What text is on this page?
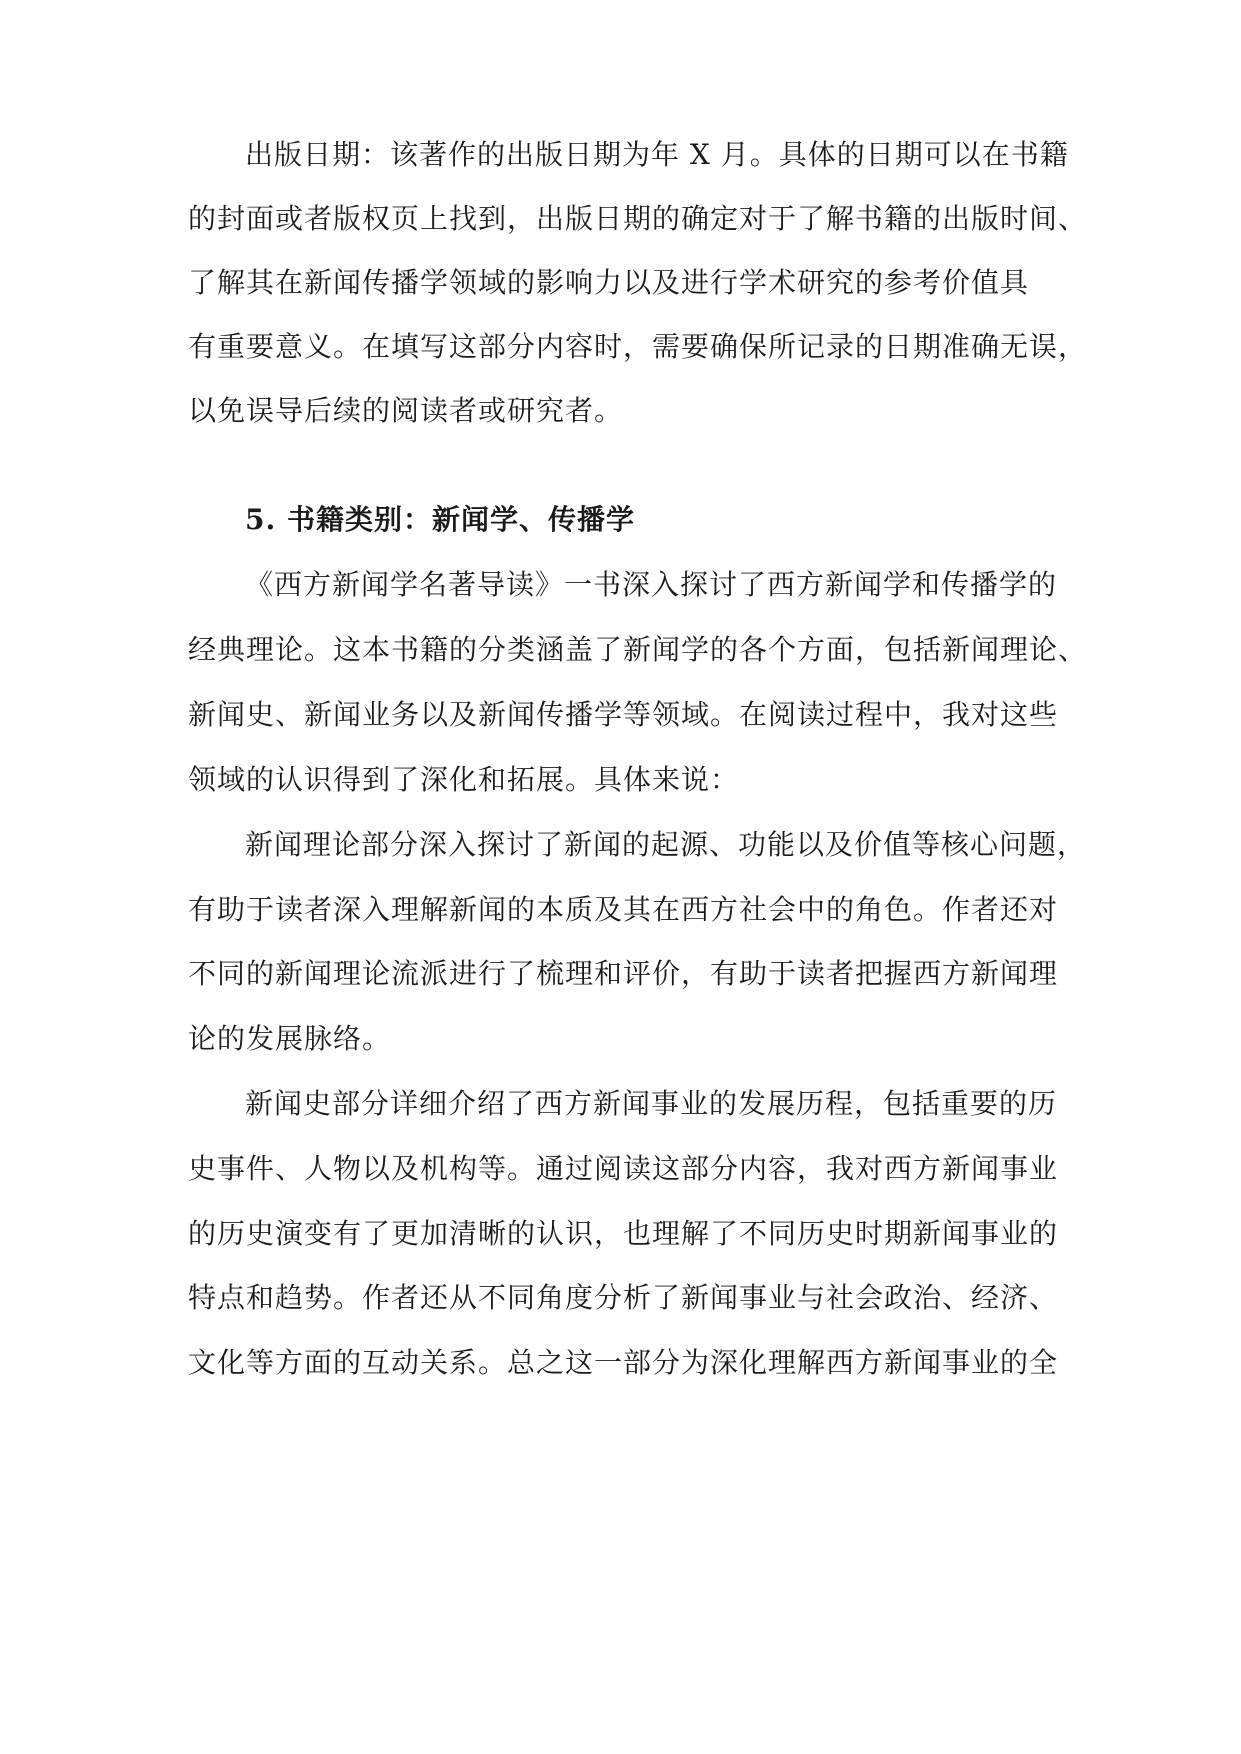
出版日期：该著作的出版日期为年 X 月。具体的日期可以在书籍
的封面或者版权页上找到，出版日期的确定对于了解书籍的出版时间、
了解其在新闻传播学领域的影响力以及进行学术研究的参考价值具
有重要意义。在填写这部分内容时，需要确保所记录的日期准确无误，
以免误导后续的阅读者或研究者。
5. 书籍类别：新闻学、传播学
《西方新闻学名著导读》一书深入探讨了西方新闻学和传播学的
经典理论。这本书籍的分类涵盖了新闻学的各个方面，包括新闻理论、
新闻史、新闻业务以及新闻传播学等领域。在阅读过程中，我对这些
领域的认识得到了深化和拓展。具体来说：
新闻理论部分深入探讨了新闻的起源、功能以及价值等核心问题，
有助于读者深入理解新闻的本质及其在西方社会中的角色。作者还对
不同的新闻理论流派进行了梳理和评价，有助于读者把握西方新闻理
论的发展脉络。
新闻史部分详细介绍了西方新闻事业的发展历程，包括重要的历
史事件、人物以及机构等。通过阅读这部分内容，我对西方新闻事业
的历史演变有了更加清晰的认识，也理解了不同历史时期新闻事业的
特点和趋势。作者还从不同角度分析了新闻事业与社会政治、经济、
文化等方面的互动关系。总之这一部分为深化理解西方新闻事业的全
